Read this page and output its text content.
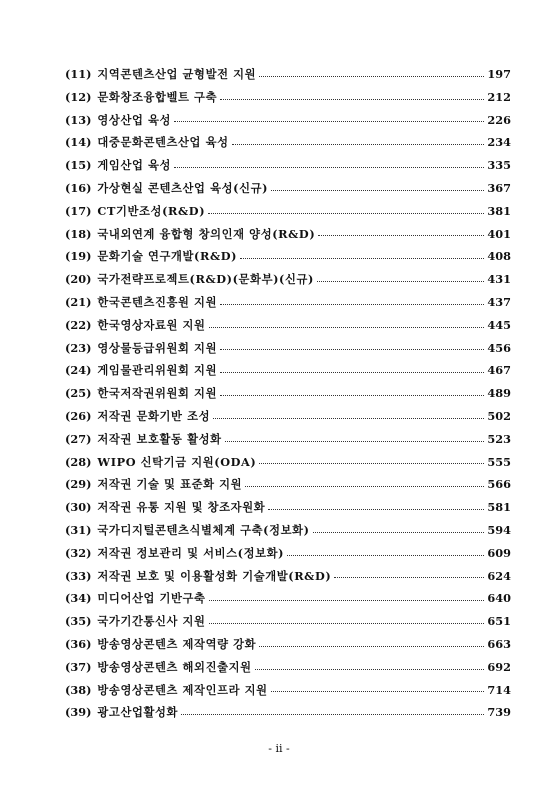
(11) 지역콘텐츠산업 균형발전 지원	197
(12) 문화창조융합벨트 구축	212
(13) 영상산업 육성	226
(14) 대중문화콘텐츠산업 육성	234
(15) 게임산업 육성	335
(16) 가상현실 콘텐츠산업 육성(신규)	367
(17) CT기반조성(R&D)	381
(18) 국내외연계 융합형 창의인재 양성(R&D)	401
(19) 문화기술 연구개발(R&D)	408
(20) 국가전략프로젝트(R&D)(문화부)(신규)	431
(21) 한국콘텐츠진흥원 지원	437
(22) 한국영상자료원 지원	445
(23) 영상물등급위원회 지원	456
(24) 게임물관리위원회 지원	467
(25) 한국저작권위원회 지원	489
(26) 저작권 문화기반 조성	502
(27) 저작권 보호활동 활성화	523
(28) WIPO 신탁기금 지원(ODA)	555
(29) 저작권 기술 및 표준화 지원	566
(30) 저작권 유통 지원 및 창조자원화	581
(31) 국가디지털콘텐츠식별체계 구축(정보화)	594
(32) 저작권 정보관리 및 서비스(정보화)	609
(33) 저작권 보호 및 이용활성화 기술개발(R&D)	624
(34) 미디어산업 기반구축	640
(35) 국가기간통신사 지원	651
(36) 방송영상콘텐츠 제작역량 강화	663
(37) 방송영상콘텐츠 해외진출지원	692
(38) 방송영상콘텐츠 제작인프라 지원	714
(39) 광고산업활성화	739
- ii -
